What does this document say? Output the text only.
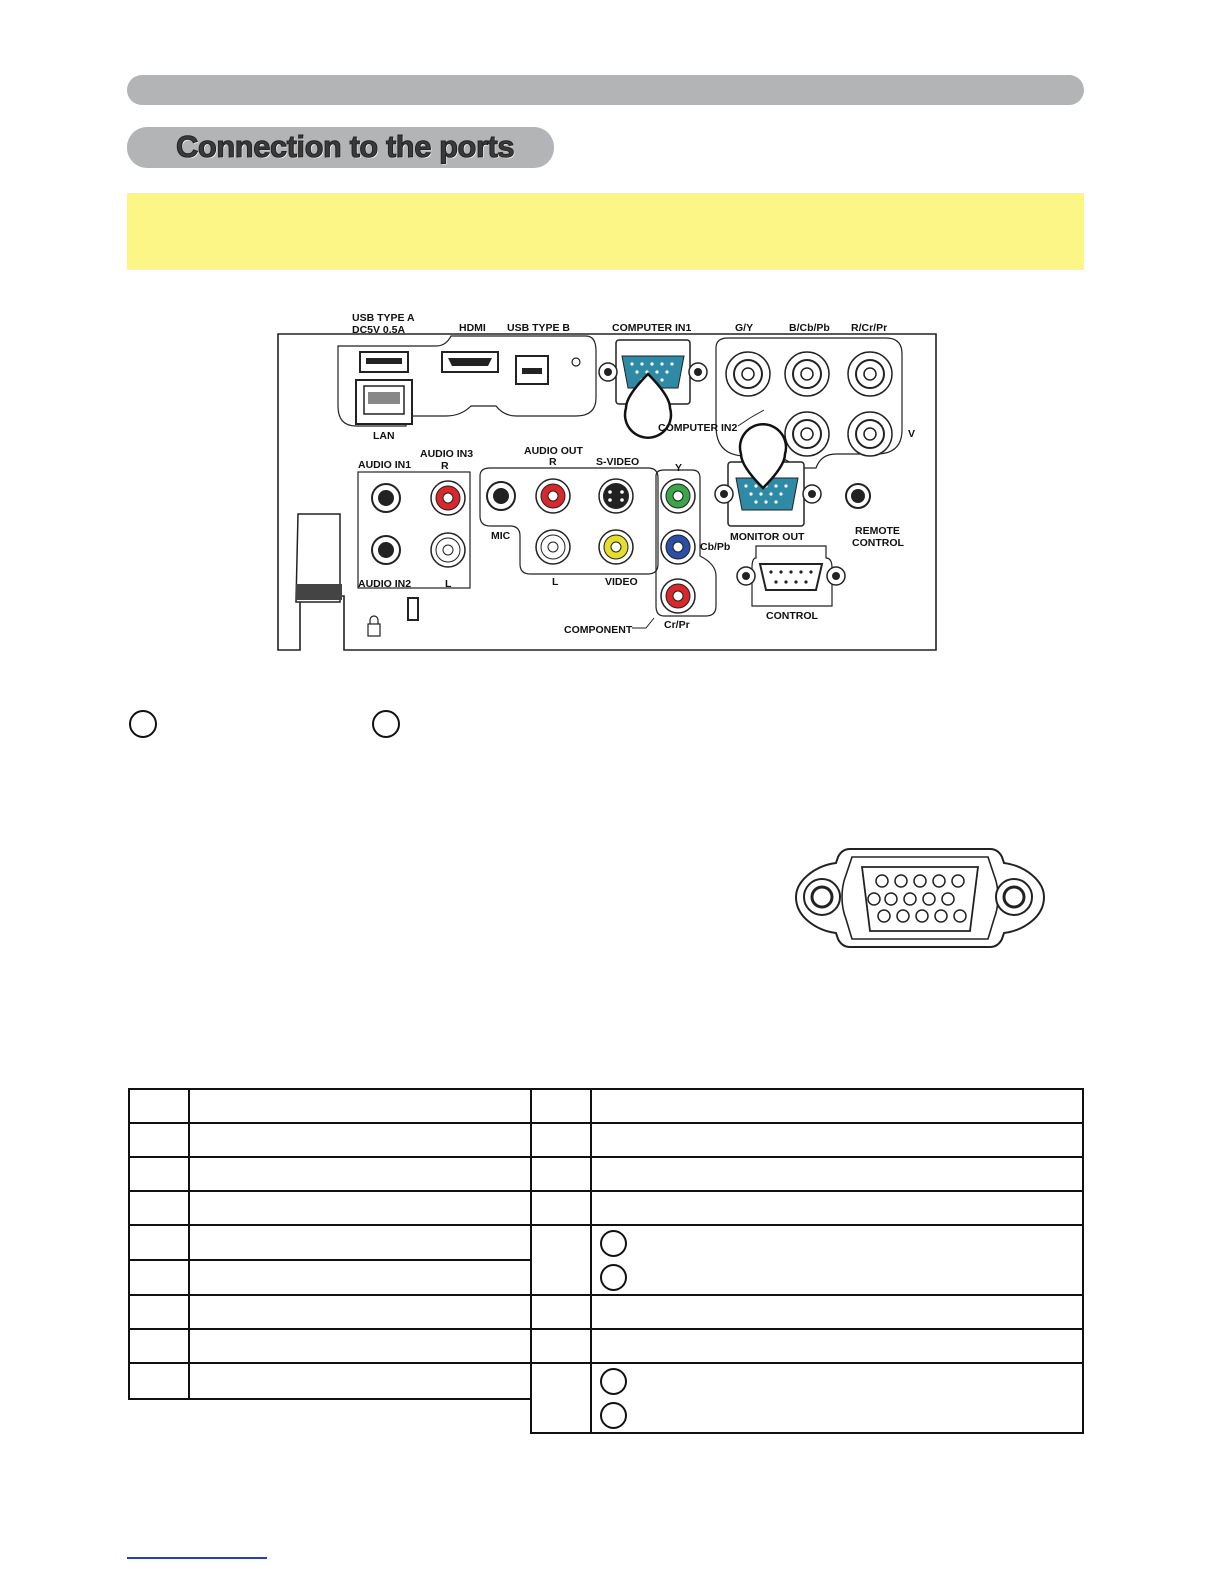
Connection to the ports
USB TYPE A
DC5V 0.5A	HDMI USB TYPE B	COMPUTER IN1	G/Y	B/Cb/Pb R/Cr/Pr
LAN
COMPUTER IN2	V
MONITOR OUT	REMOTE
CONTROL
AUDIO IN1
AUDIO IN3
R
AUDIO IN2	L
AUDIO OUT
R	S-VIDEO
MIC
L	VIDEO
Y
Cb/Pb
COMPONENT	Cr/Pr
CONTROL
